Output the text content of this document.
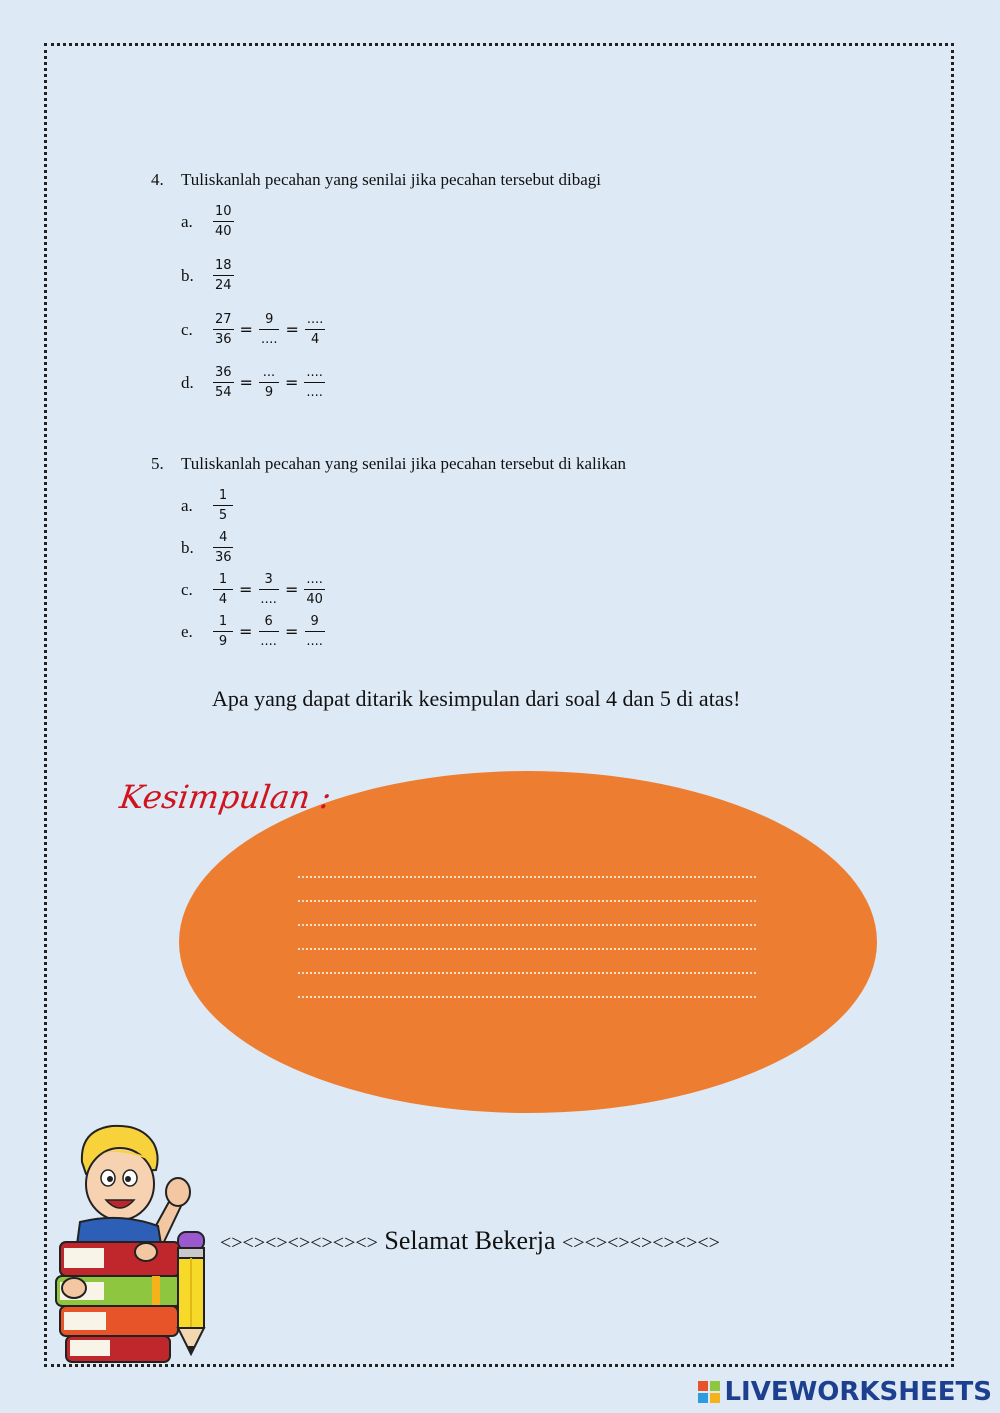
4. Tuliskanlah pecahan yang senilai jika pecahan tersebut dibagi
a.	$\frac{10}{40}$
b.	$\frac{18}{24}$
c.	$\frac{27}{36} = \frac{9}{....} = \frac{....}{4}$
d.	$\frac{36}{54} = \frac{...}{9} = \frac{....}{....}$
5. Tuliskanlah pecahan yang senilai jika pecahan tersebut di kalikan
a.	$\frac{1}{5}$
b.	$\frac{4}{36}$
c.	$\frac{1}{4} = \frac{3}{....} = \frac{....}{40}$
e.	$\frac{1}{9} = \frac{6}{....} = \frac{9}{....}$
Apa yang dapat ditarik kesimpulan dari soal 4 dan 5 di atas!
Kesimpulan :
<><><><><><><> Selamat Bekerja <><><><><><><>
LIVEWORKSHEETS
